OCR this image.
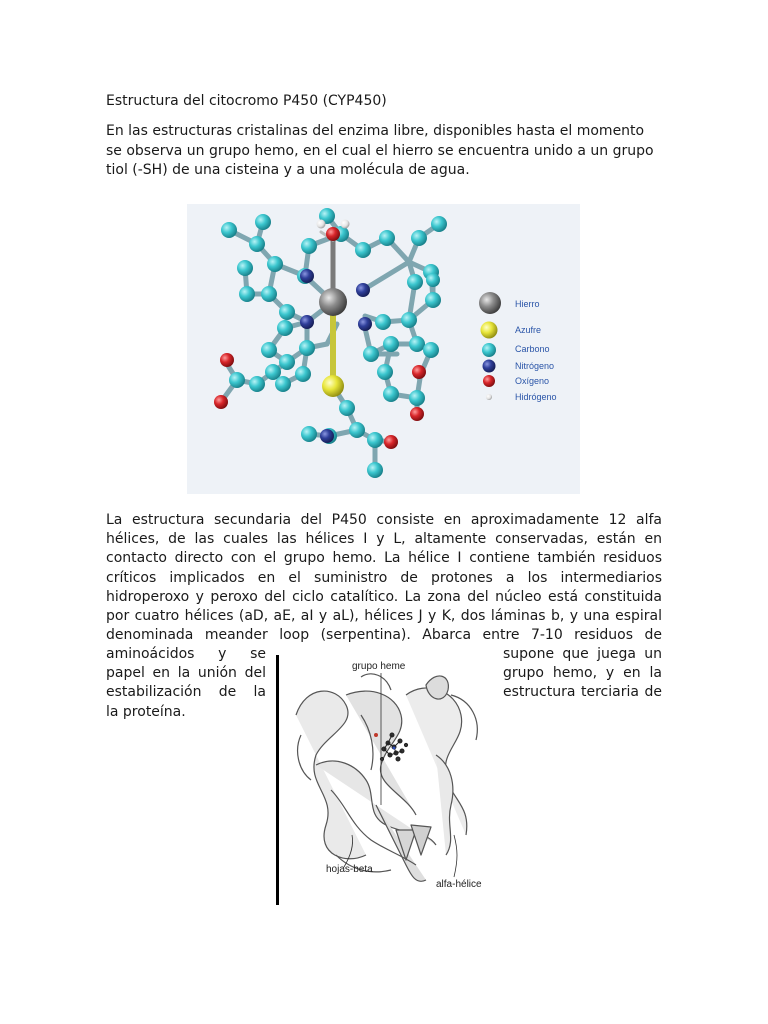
Estructura del citocromo P450 (CYP450)

En las estructuras cristalinas del enzima libre, disponibles hasta el momento se observa un grupo hemo, en el cual el hierro se encuentra unido a un grupo tiol (-SH) de una cisteina y a una molécula de agua.

Hierro
Azufre
Carbono
Nitrógeno
Oxígeno
Hidrógeno

La estructura secundaria del P450 consiste en aproximadamente 12 alfa hélices, de las cuales las hélices I y L, altamente conservadas, están en contacto directo con el grupo hemo. La hélice I contiene también residuos críticos implicados en el suministro de protones a los intermediarios hidroperoxo y peroxo del ciclo catalítico. La zona del núcleo está constituida por cuatro hélices (aD, aE, aI y aL), hélices J y K, dos láminas b, y una espiral denominada meander loop (serpentina). Abarca entre 7-10 residuos de

aminoácidos y se
papel en la unión del
estabilización de la
la proteína.
supone que juega un
grupo hemo, y en la
estructura terciaria de
grupo heme
hojas-beta
alfa-hélice
